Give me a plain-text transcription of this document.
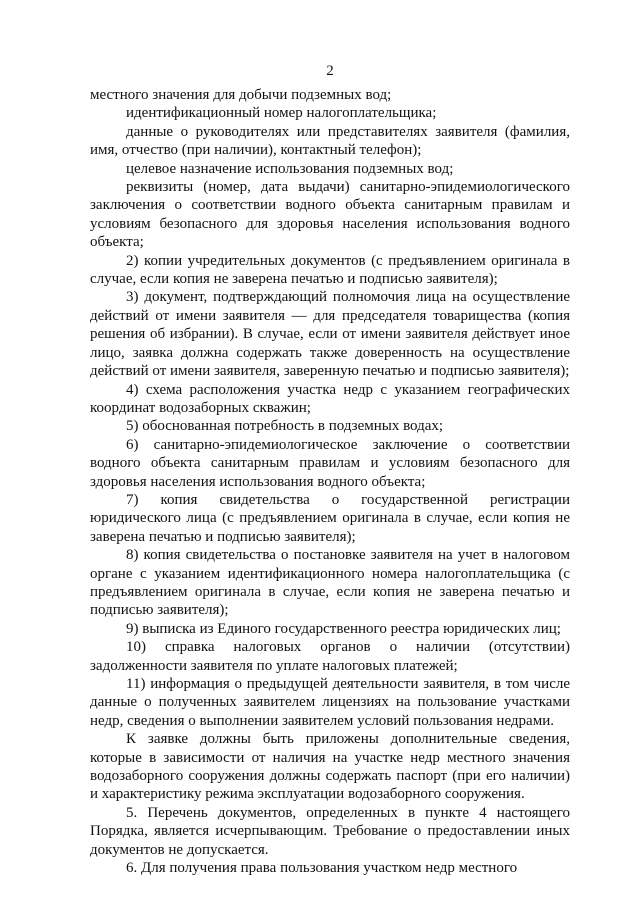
2

местного значения для добычи подземных вод;

идентификационный номер налогоплательщика;

данные о руководителях или представителях заявителя (фамилия, имя, отчество (при наличии), контактный телефон);

целевое назначение использования подземных вод;

реквизиты (номер, дата выдачи) санитарно-эпидемиологического заключения о соответствии водного объекта санитарным правилам и условиям безопасного для здоровья населения использования водного объекта;

2) копии учредительных документов (с предъявлением оригинала в случае, если копия не заверена печатью и подписью заявителя);

3) документ, подтверждающий полномочия лица на осуществление действий от имени заявителя — для председателя товарищества (копия решения об избрании). В случае, если от имени заявителя действует иное лицо, заявка должна содержать также доверенность на осуществление действий от имени заявителя, заверенную печатью и подписью заявителя);

4) схема расположения участка недр с указанием географических координат водозаборных скважин;

5) обоснованная потребность в подземных водах;

6) санитарно-эпидемиологическое заключение о соответствии водного объекта санитарным правилам и условиям безопасного для здоровья населения использования водного объекта;

7) копия свидетельства о государственной регистрации юридического лица (с предъявлением оригинала в случае, если копия не заверена печатью и подписью заявителя);

8) копия свидетельства о постановке заявителя на учет в налоговом органе с указанием идентификационного номера налогоплательщика (с предъявлением оригинала в случае, если копия не заверена печатью и подписью заявителя);

9) выписка из Единого государственного реестра юридических лиц;

10) справка налоговых органов о наличии (отсутствии) задолженности заявителя по уплате налоговых платежей;

11) информация о предыдущей деятельности заявителя, в том числе данные о полученных заявителем лицензиях на пользование участками недр, сведения о выполнении заявителем условий пользования недрами.

К заявке должны быть приложены дополнительные сведения, которые в зависимости от наличия на участке недр местного значения водозаборного сооружения должны содержать паспорт (при его наличии) и характеристику режима эксплуатации водозаборного сооружения.

5. Перечень документов, определенных в пункте 4 настоящего Порядка, является исчерпывающим. Требование о предоставлении иных документов не допускается.

6. Для получения права пользования участком недр местного
